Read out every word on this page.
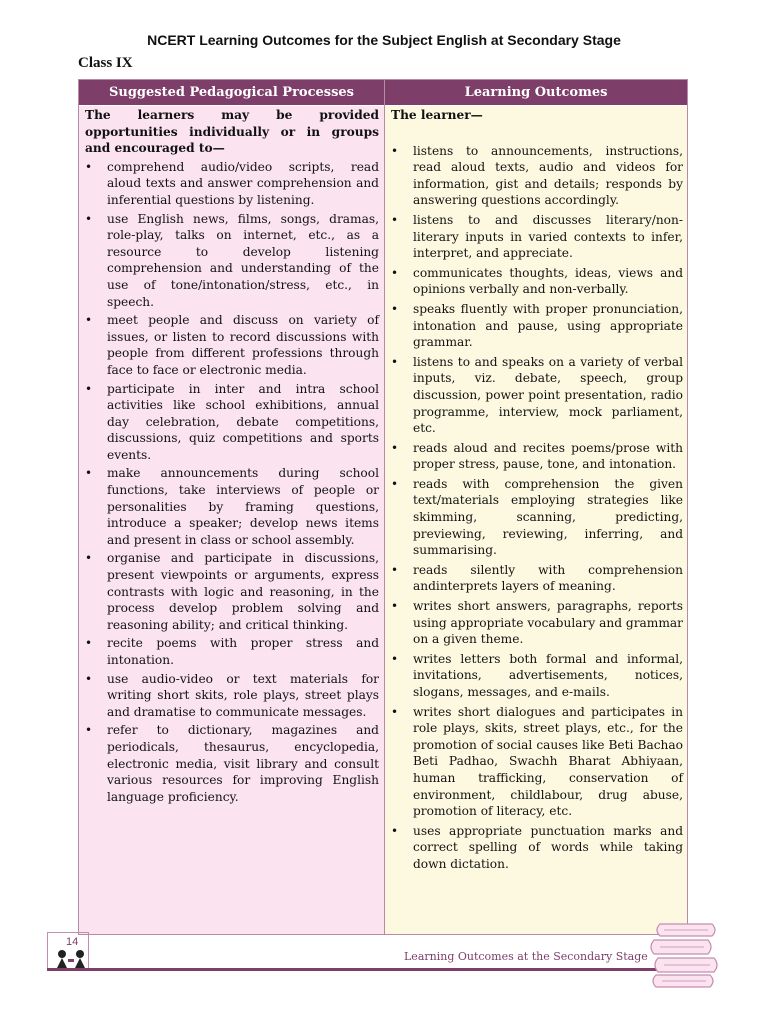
NCERT Learning Outcomes for the Subject English at Secondary Stage
Class IX
Suggested Pedagogical Processes	Learning Outcomes

The learners may be provided opportunities individually or in groups and encouraged to—

•	comprehend audio/video scripts, read aloud texts and answer comprehension and inferential questions by listening.
•	use English news, films, songs, dramas, role-play, talks on internet, etc., as a resource to develop listening comprehension and understanding of the use of tone/intonation/stress, etc., in speech.
•	meet people and discuss on variety of issues, or listen to record discussions with people from different professions through face to face or electronic media.
•	participate in inter and intra school activities like school exhibitions, annual day celebration, debate competitions, discussions, quiz competitions and sports events.
•	make announcements during school functions, take interviews of people or personalities by framing questions, introduce a speaker; develop news items and present in class or school assembly.
•	organise and participate in discussions, present viewpoints or arguments, express contrasts with logic and reasoning, in the process develop problem solving and reasoning ability; and critical thinking.
•	recite poems with proper stress and intonation.
•	use audio-video or text materials for writing short skits, role plays, street plays and dramatise to communicate messages.
•	refer to dictionary, magazines and periodicals, thesaurus, encyclopedia, electronic media, visit library and consult various resources for improving English language proficiency.

The learner—

•	listens to announcements, instructions, read aloud texts, audio and videos for information, gist and details; responds by answering questions accordingly.
•	listens to and discusses literary/non-literary inputs in varied contexts to infer, interpret, and appreciate.
•	communicates thoughts, ideas, views and opinions verbally and non-verbally.
•	speaks fluently with proper pronunciation, intonation and pause, using appropriate grammar.
•	listens to and speaks on a variety of verbal inputs, viz. debate, speech, group discussion, power point presentation, radio programme, interview, mock parliament, etc.
•	reads aloud and recites poems/prose with proper stress, pause, tone, and intonation.
•	reads with comprehension the given text/materials employing strategies like skimming, scanning, predicting, previewing, reviewing, inferring, and summarising.
•	reads silently with comprehension andinterprets layers of meaning.
•	writes short answers, paragraphs, reports using appropriate vocabulary and grammar on a given theme.
•	writes letters both formal and informal, invitations, advertisements, notices, slogans, messages, and e-mails.
•	writes short dialogues and participates in role plays, skits, street plays, etc., for the promotion of social causes like Beti Bachao Beti Padhao, Swachh Bharat Abhiyaan, human trafficking, conservation of environment, childlabour, drug abuse, promotion of literacy, etc.
•	uses appropriate punctuation marks and correct spelling of words while taking down dictation.
14
Learning Outcomes at the Secondary Stage
